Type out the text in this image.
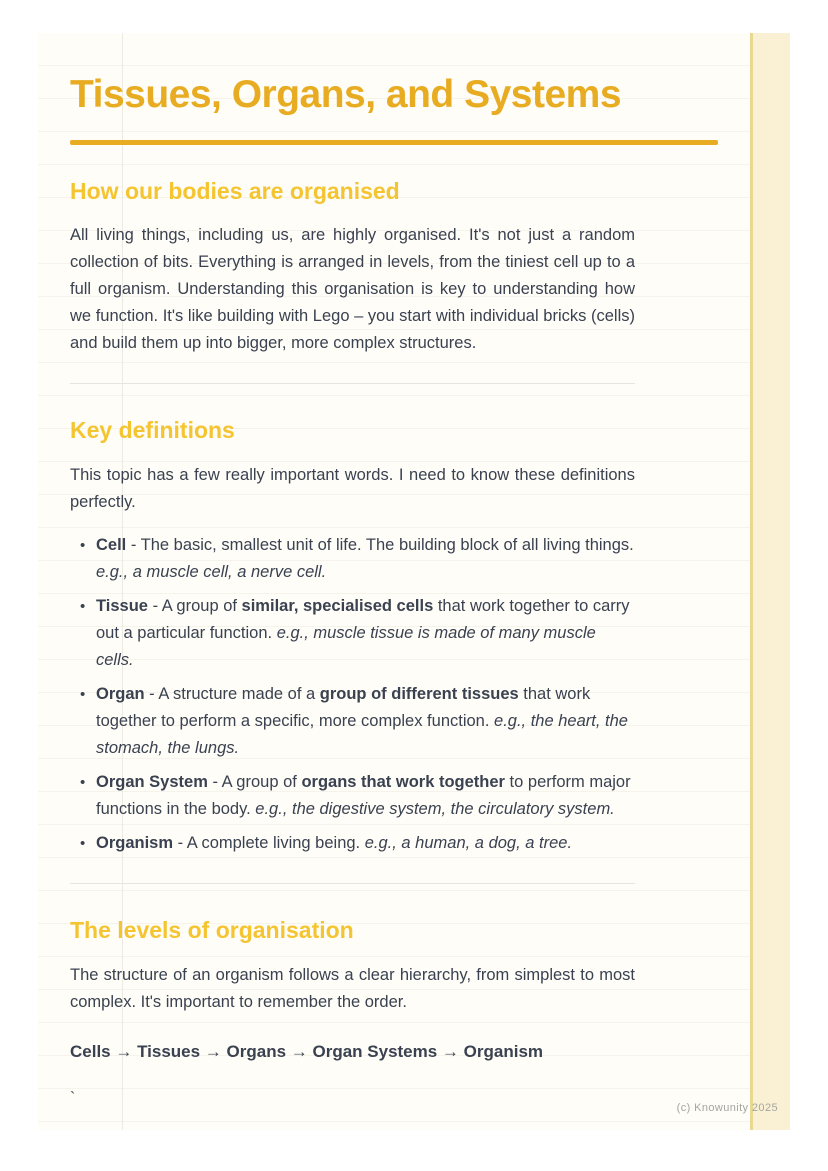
Tissues, Organs, and Systems
How our bodies are organised

All living things, including us, are highly organised. It's not just a random collection of bits. Everything is arranged in levels, from the tiniest cell up to a full organism. Understanding this organisation is key to understanding how we function. It's like building with Lego – you start with individual bricks (cells) and build them up into bigger, more complex structures.

Key definitions

This topic has a few really important words. I need to know these definitions perfectly.

• Cell - The basic, smallest unit of life. The building block of all living things. e.g., a muscle cell, a nerve cell.
• Tissue - A group of similar, specialised cells that work together to carry out a particular function. e.g., muscle tissue is made of many muscle cells.
• Organ - A structure made of a group of different tissues that work together to perform a specific, more complex function. e.g., the heart, the stomach, the lungs.
• Organ System - A group of organs that work together to perform major functions in the body. e.g., the digestive system, the circulatory system.
• Organism - A complete living being. e.g., a human, a dog, a tree.
The levels of organisation

The structure of an organism follows a clear hierarchy, from simplest to most complex. It's important to remember the order.

Cells → Tissues → Organs → Organ Systems → Organism

`

(c) Knowunity 2025
